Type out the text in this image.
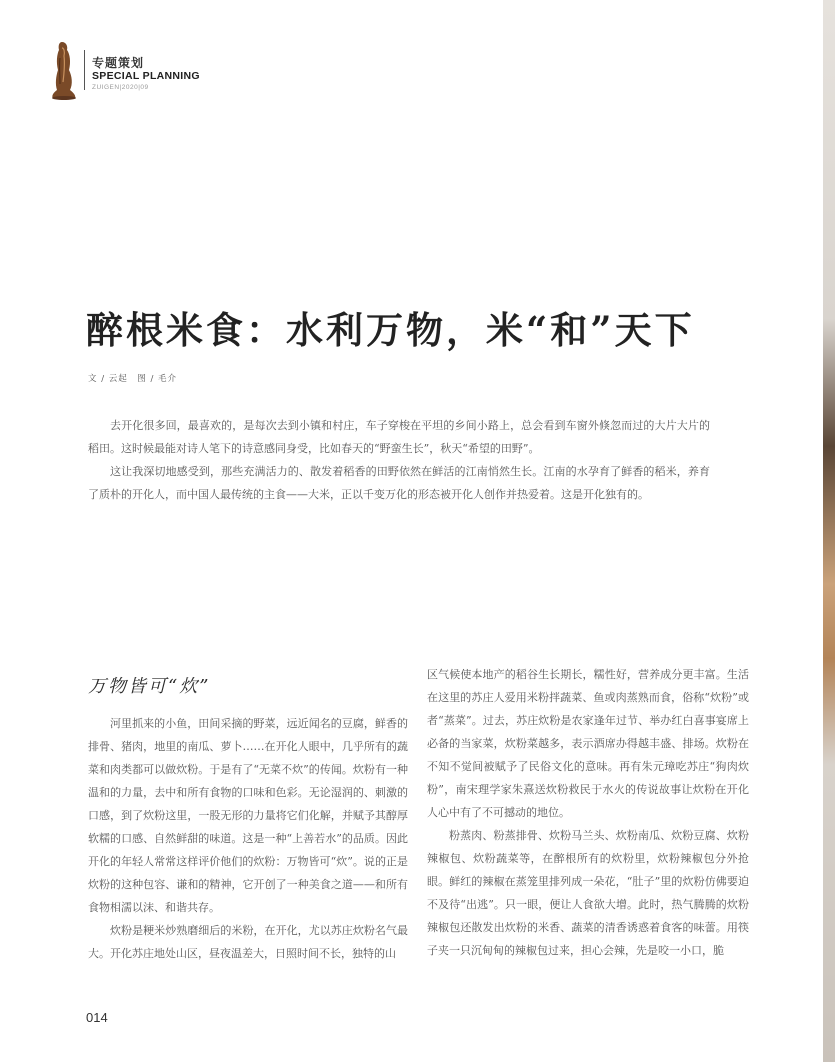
专题策划
SPECIAL PLANNING
ZUIGEN|2020|09
醉根米食：水利万物，米“和”天下
文 / 云起　图 / 毛介

去开化很多回，最喜欢的，是每次去到小镇和村庄，车子穿梭在平坦的乡间小路上，总会看到车窗外倏忽而过的大片大片的稻田。这时候最能对诗人笔下的诗意感同身受，比如春天的“野蛮生长”，秋天“希望的田野”。

这让我深切地感受到，那些充满活力的、散发着稻香的田野依然在鲜活的江南悄然生长。江南的水孕育了鲜香的稻米，养育了质朴的开化人，而中国人最传统的主食——大米，正以千变万化的形态被开化人创作并热爱着。这是开化独有的。

万物皆可“炊”

河里抓来的小鱼，田间采摘的野菜，远近闻名的豆腐，鲜香的排骨、猪肉，地里的南瓜、萝卜……在开化人眼中，几乎所有的蔬菜和肉类都可以做炊粉。于是有了“无菜不炊”的传闻。炊粉有一种温和的力量，去中和所有食物的口味和色彩。无论湿润的、刺激的口感，到了炊粉这里，一股无形的力量将它们化解，并赋予其醇厚软糯的口感、自然鲜甜的味道。这是一种“上善若水”的品质。因此开化的年轻人常常这样评价他们的炊粉：万物皆可“炊”。说的正是炊粉的这种包容、谦和的精神，它开创了一种美食之道——和所有食物相濡以沫、和谐共存。

炊粉是粳米炒熟磨细后的米粉，在开化，尤以苏庄炊粉名气最大。开化苏庄地处山区，昼夜温差大，日照时间不长，独特的山

区气候使本地产的稻谷生长期长，糯性好，营养成分更丰富。生活在这里的苏庄人爱用米粉拌蔬菜、鱼或肉蒸熟而食，俗称“炊粉”或者“蒸菜”。过去，苏庄炊粉是农家逢年过节、举办红白喜事宴席上必备的当家菜，炊粉菜越多，表示酒席办得越丰盛、排场。炊粉在不知不觉间被赋予了民俗文化的意味。再有朱元璋吃苏庄“狗肉炊粉”，南宋理学家朱熹送炊粉救民于水火的传说故事让炊粉在开化人心中有了不可撼动的地位。

粉蒸肉、粉蒸排骨、炊粉马兰头、炊粉南瓜、炊粉豆腐、炊粉辣椒包、炊粉蔬菜等，在醉根所有的炊粉里，炊粉辣椒包分外抢眼。鲜红的辣椒在蒸笼里排列成一朵花，“肚子”里的炊粉仿佛要迫不及待“出逃”。只一眼，便让人食欲大增。此时，热气腾腾的炊粉辣椒包还散发出炊粉的米香、蔬菜的清香诱惑着食客的味蕾。用筷子夹一只沉甸甸的辣椒包过来，担心会辣，先是咬一小口，脆

014
